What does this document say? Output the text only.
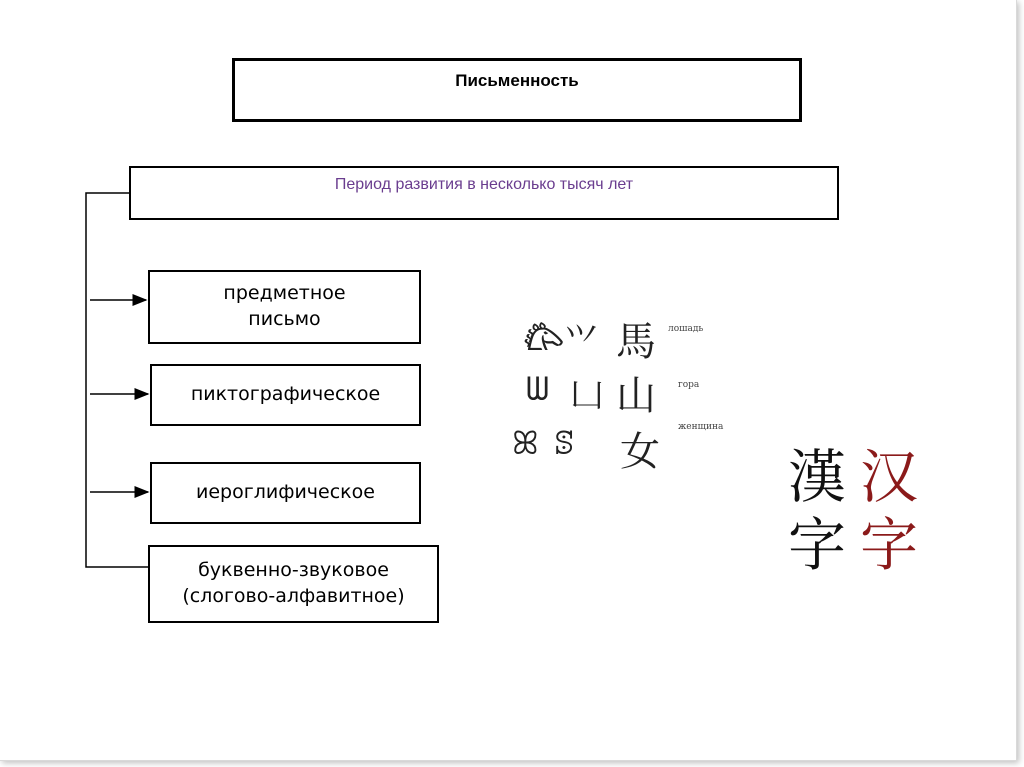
Письменность
Период развития в несколько тысяч лет
предметное
письмо
пиктографическое
иероглифическое
буквенно-звуковое
(слогово-алфавитное)
𐂃 ⺍ 馬 лошадь
ᗯ 凵 山 гора
ꕤ ꕷ 女
женщина
漢
字
汉
字
